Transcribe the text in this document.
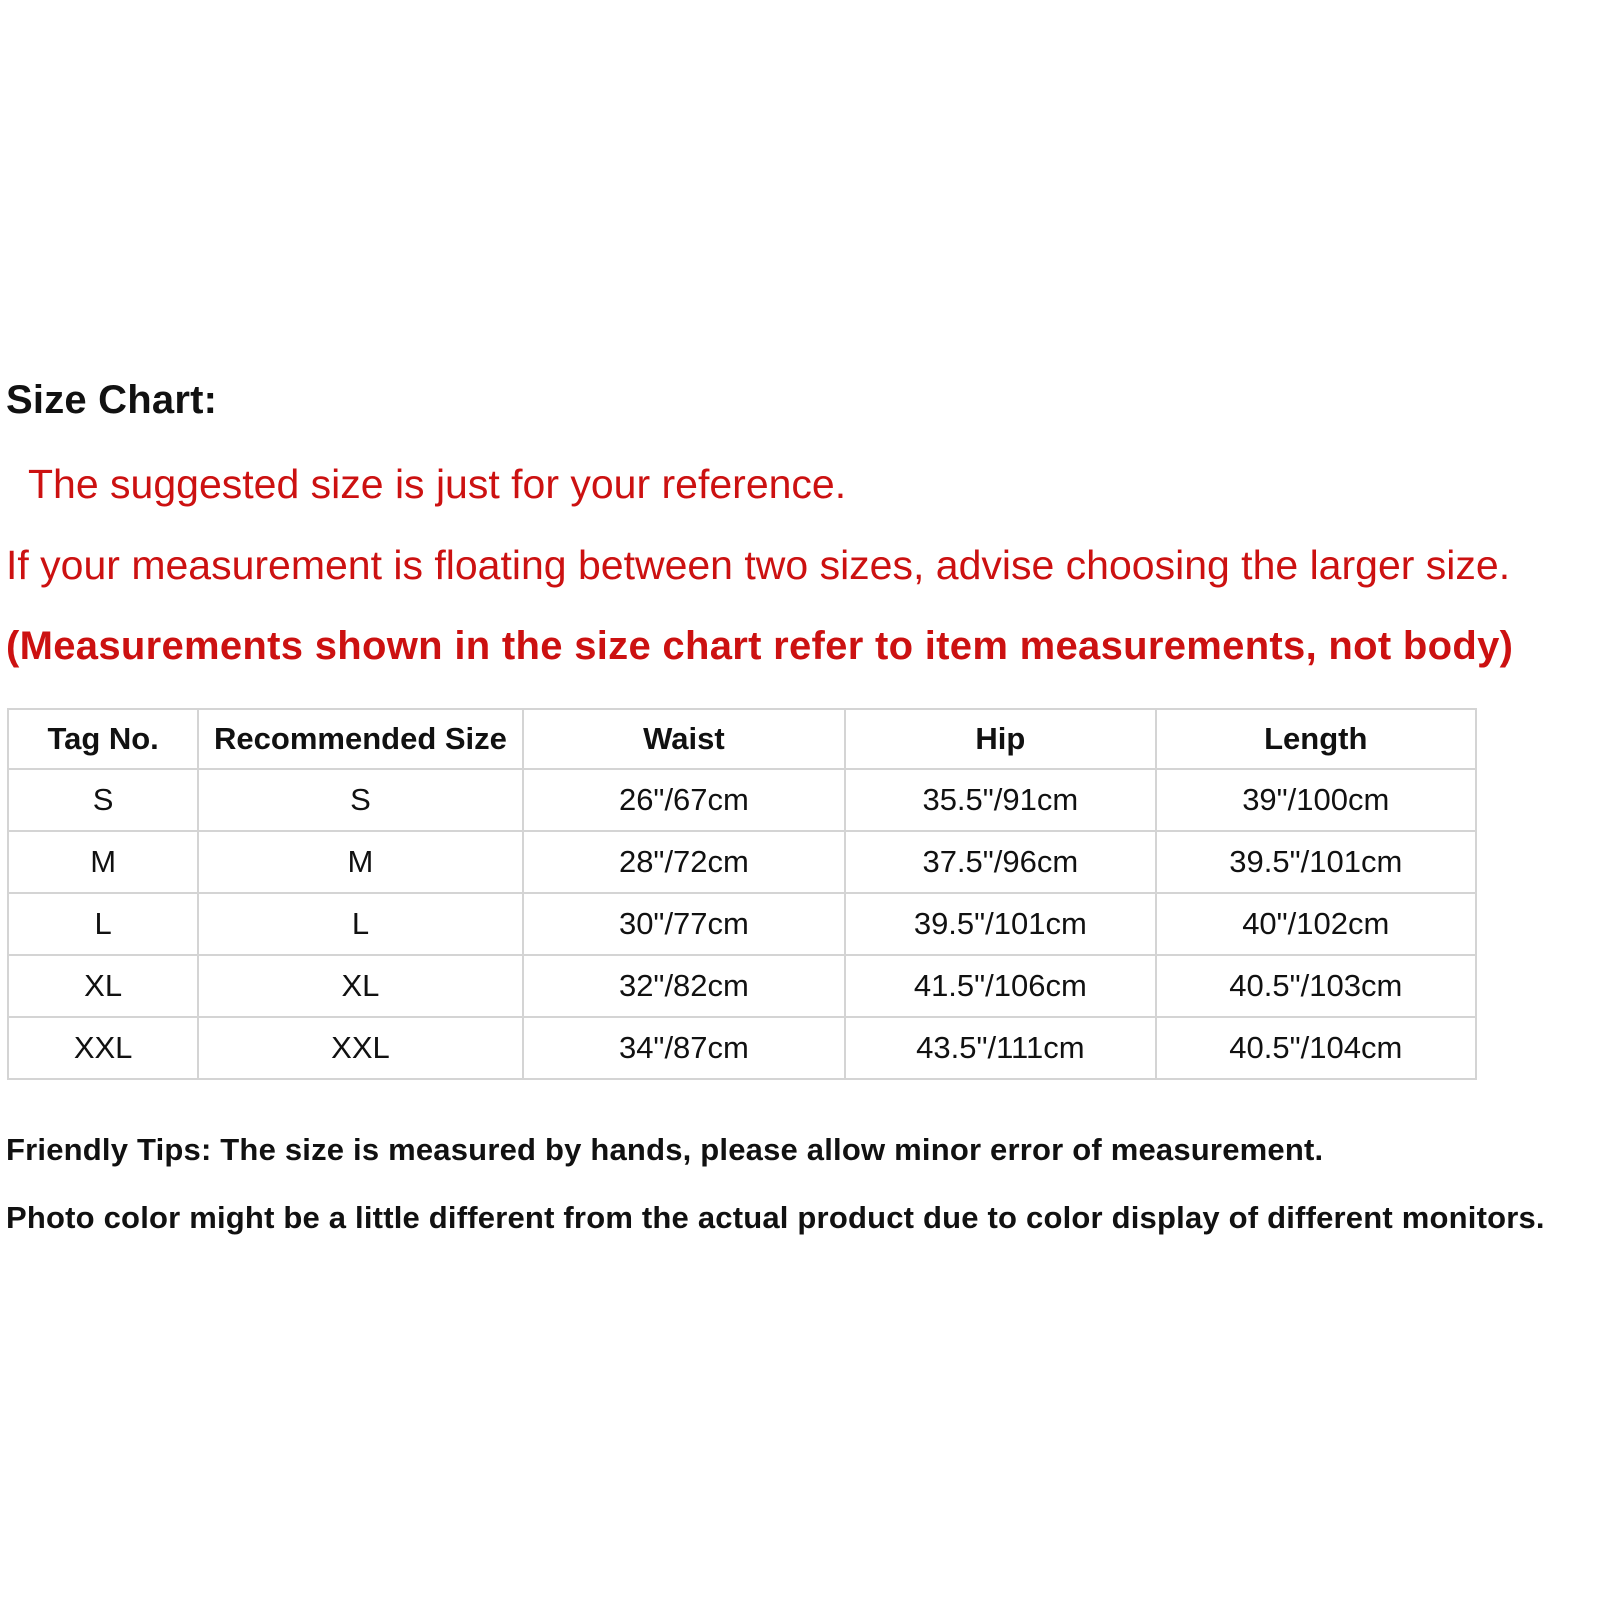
Size Chart:
The suggested size is just for your reference.
If your measurement is floating between two sizes, advise choosing the larger size.
(Measurements shown in the size chart refer to item measurements, not body)
Tag No.	Recommended Size	Waist	Hip	Length
S	S	26"/67cm	35.5"/91cm	39"/100cm
M	M	28"/72cm	37.5"/96cm	39.5"/101cm
L	L	30"/77cm	39.5"/101cm	40"/102cm
XL	XL	32"/82cm	41.5"/106cm	40.5"/103cm
XXL	XXL	34"/87cm	43.5"/111cm	40.5"/104cm
Friendly Tips: The size is measured by hands, please allow minor error of measurement.
Photo color might be a little different from the actual product due to color display of different monitors.
